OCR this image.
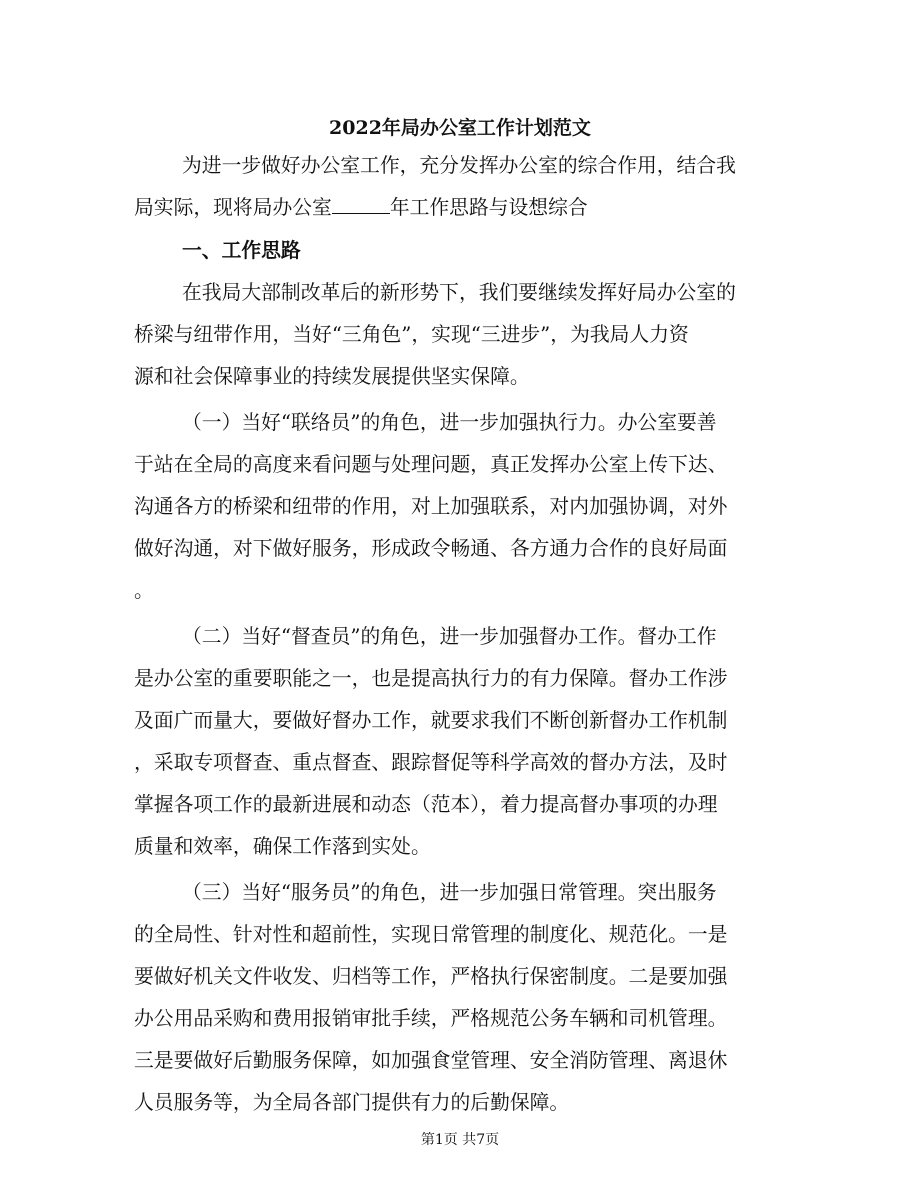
2022年局办公室工作计划范文
为进一步做好办公室工作，充分发挥办公室的综合作用，结合我
局实际，现将局办公室	年工作思路与设想综合
一、工作思路
在我局大部制改革后的新形势下，我们要继续发挥好局办公室的
桥梁与纽带作用，当好“三角色”，实现“三进步”，为我局人力资
源和社会保障事业的持续发展提供坚实保障。
（一）当好“联络员”的角色，进一步加强执行力。办公室要善
于站在全局的高度来看问题与处理问题，真正发挥办公室上传下达、
沟通各方的桥梁和纽带的作用，对上加强联系，对内加强协调，对外
做好沟通，对下做好服务，形成政令畅通、各方通力合作的良好局面
。
（二）当好“督查员”的角色，进一步加强督办工作。督办工作
是办公室的重要职能之一，也是提高执行力的有力保障。督办工作涉
及面广而量大，要做好督办工作，就要求我们不断创新督办工作机制
，采取专项督查、重点督查、跟踪督促等科学高效的督办方法，及时
掌握各项工作的最新进展和动态（范本），着力提高督办事项的办理
质量和效率，确保工作落到实处。
（三）当好“服务员”的角色，进一步加强日常管理。突出服务
的全局性、针对性和超前性，实现日常管理的制度化、规范化。一是
要做好机关文件收发、归档等工作，严格执行保密制度。二是要加强
办公用品采购和费用报销审批手续，严格规范公务车辆和司机管理。
三是要做好后勤服务保障，如加强食堂管理、安全消防管理、离退休
人员服务等，为全局各部门提供有力的后勤保障。
第1页 共7页
